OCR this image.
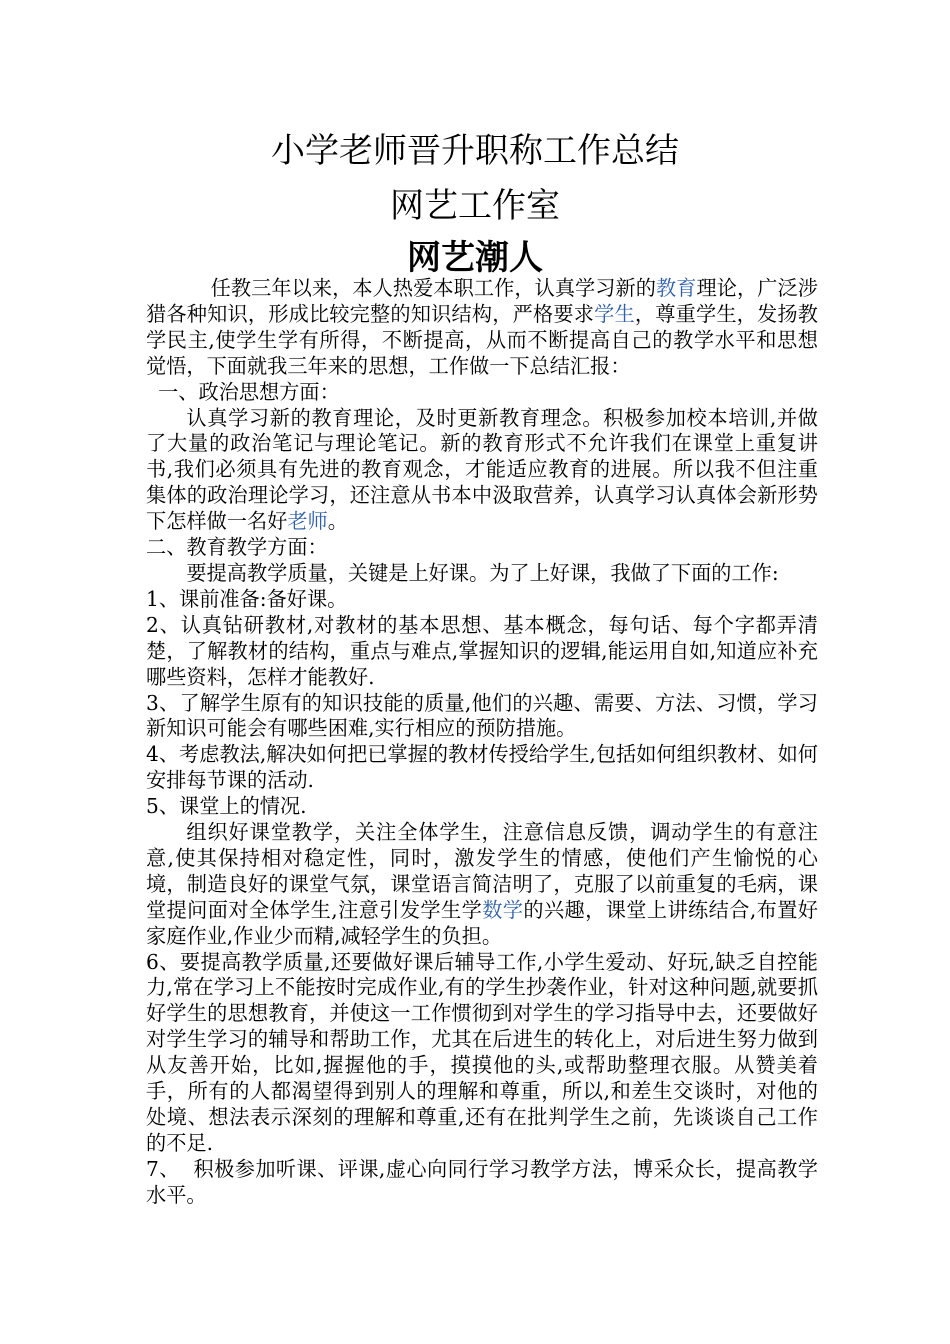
小学老师晋升职称工作总结
网艺工作室
网艺潮人

任教三年以来，本人热爱本职工作，认真学习新的教育理论，广泛涉猎各种知识，形成比较完整的知识结构，严格要求学生，尊重学生，发扬教学民主,使学生学有所得，不断提高，从而不断提高自己的教学水平和思想觉悟，下面就我三年来的思想，工作做一下总结汇报：

一、政治思想方面：

认真学习新的教育理论，及时更新教育理念。积极参加校本培训,并做了大量的政治笔记与理论笔记。新的教育形式不允许我们在课堂上重复讲书,我们必须具有先进的教育观念，才能适应教育的进展。所以我不但注重集体的政治理论学习，还注意从书本中汲取营养，认真学习认真体会新形势下怎样做一名好老师。

二、教育教学方面：

要提高教学质量，关键是上好课。为了上好课，我做了下面的工作:

1、课前准备:备好课。

2、认真钻研教材,对教材的基本思想、基本概念，每句话、每个字都弄清楚，了解教材的结构，重点与难点,掌握知识的逻辑,能运用自如,知道应补充哪些资料，怎样才能教好.

3、了解学生原有的知识技能的质量,他们的兴趣、需要、方法、习惯，学习新知识可能会有哪些困难,实行相应的预防措施。

4、考虑教法,解决如何把已掌握的教材传授给学生,包括如何组织教材、如何安排每节课的活动.

5、课堂上的情况.

组织好课堂教学，关注全体学生，注意信息反馈，调动学生的有意注意,使其保持相对稳定性，同时，激发学生的情感，使他们产生愉悦的心境，制造良好的课堂气氛，课堂语言简洁明了，克服了以前重复的毛病，课堂提问面对全体学生,注意引发学生学数学的兴趣，课堂上讲练结合,布置好家庭作业,作业少而精,减轻学生的负担。

6、要提高教学质量,还要做好课后辅导工作,小学生爱动、好玩,缺乏自控能力,常在学习上不能按时完成作业,有的学生抄袭作业，针对这种问题,就要抓好学生的思想教育，并使这一工作惯彻到对学生的学习指导中去，还要做好对学生学习的辅导和帮助工作，尤其在后进生的转化上，对后进生努力做到从友善开始，比如,握握他的手，摸摸他的头,或帮助整理衣服。从赞美着手，所有的人都渴望得到别人的理解和尊重，所以,和差生交谈时，对他的处境、想法表示深刻的理解和尊重,还有在批判学生之前，先谈谈自己工作的不足.

7、  积极参加听课、评课,虚心向同行学习教学方法，博采众长，提高教学水平。
